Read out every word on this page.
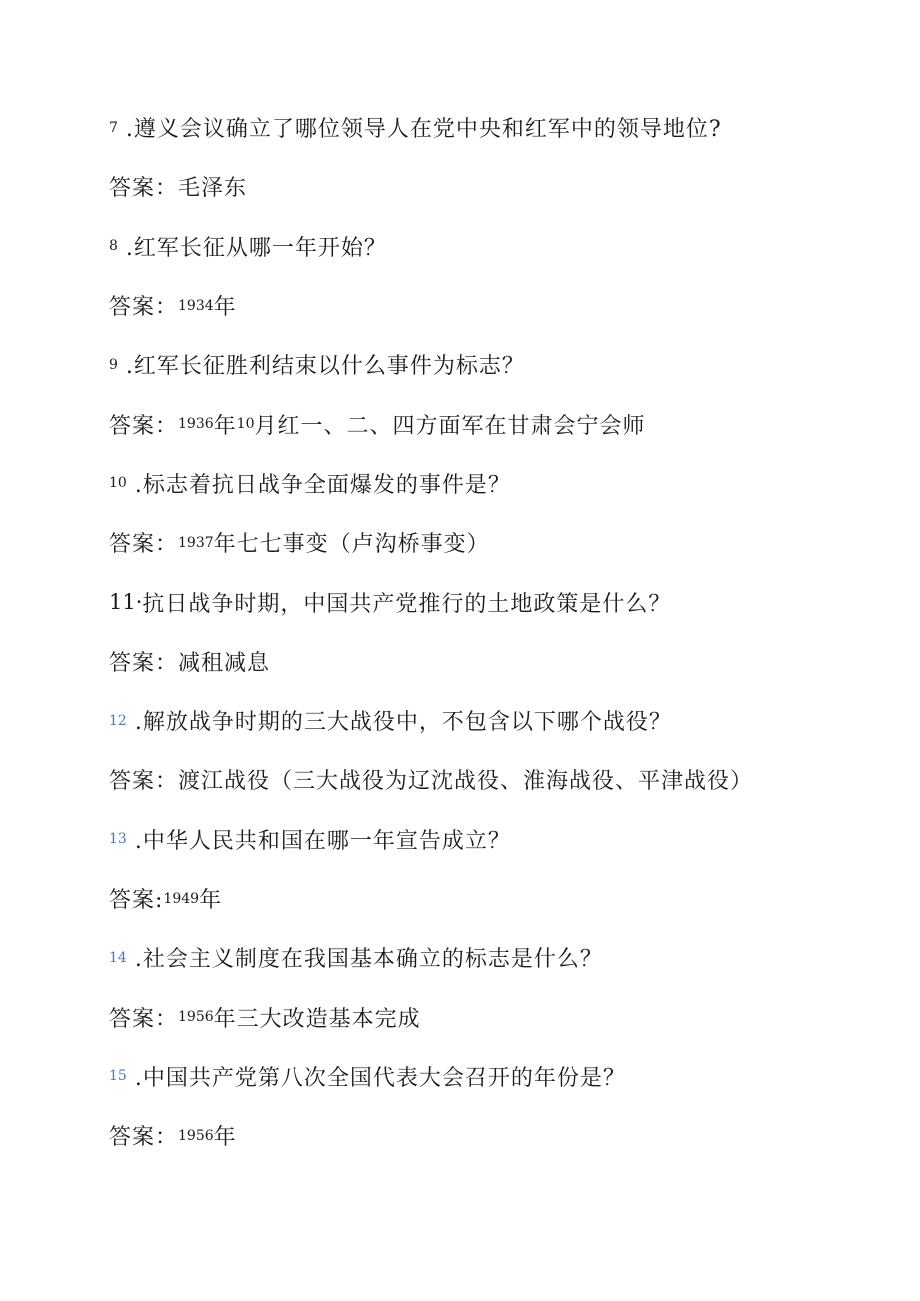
7 .遵义会议确立了哪位领导人在党中央和红军中的领导地位?
答案： 毛泽东
8 .红军长征从哪一年开始？
答案： 1934 年
9 .红军长征胜利结束以什么事件为标志？
答案： 1936 年 10 月红一、二、四方面军在甘肃会宁会师
10 .标志着抗日战争全面爆发的事件是？
答案： 1937 年七七事变（卢沟桥事变）
11· 抗日战争时期，中国共产党推行的土地政策是什么？
答案： 减租减息
12 .解放战争时期的三大战役中，不包含以下哪个战役？
答案： 渡江战役（三大战役为辽沈战役、淮海战役、平津战役）
13 .中华人民共和国在哪一年宣告成立？
答案: 1949 年
14 .社会主义制度在我国基本确立的标志是什么？
答案： 1956 年三大改造基本完成
15 .中国共产党第八次全国代表大会召开的年份是？
答案： 1956 年
